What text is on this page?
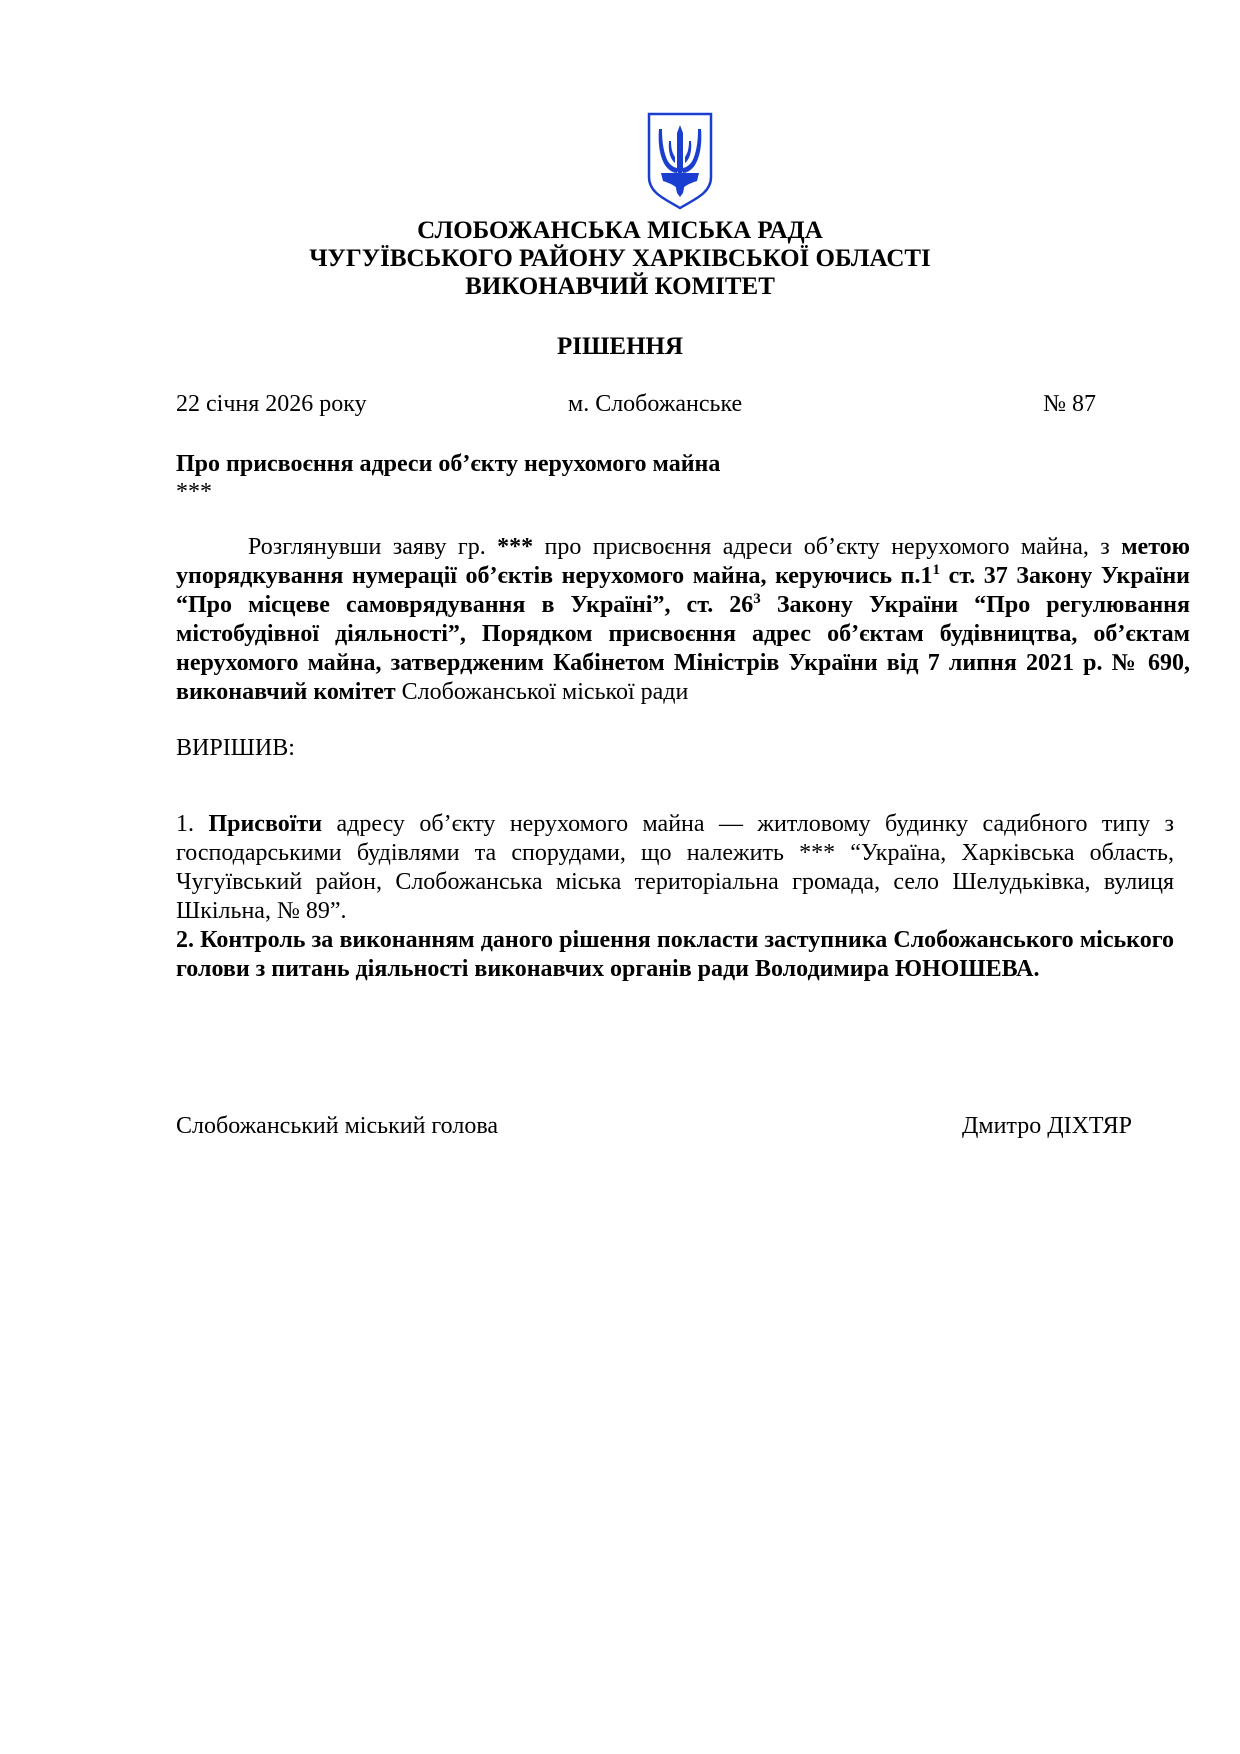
СЛОБОЖАНСЬКА МІСЬКА РАДА
ЧУГУЇВСЬКОГО РАЙОНУ ХАРКІВСЬКОЇ ОБЛАСТІ
ВИКОНАВЧИЙ КОМІТЕТ
РІШЕННЯ
22 січня 2026 року	м. Слобожанське	№ 87
Про присвоєння адреси об’єкту нерухомого майна
***
Розглянувши заяву гр. *** про присвоєння адреси об’єкту нерухомого майна, з метою упорядкування нумерації об’єктів нерухомого майна, керуючись $п.1^1$ ст. 37 Закону України “Про місцеве самоврядування в Україні”, ст. $26^3$ Закону України “Про регулювання містобудівної діяльності”, Порядком присвоєння адрес об’єктам будівництва, об’єктам нерухомого майна, затвердженим Кабінетом Міністрів України від 7 липня 2021 р. № 690, виконавчий комітет Слобожанської міської ради
ВИРІШИВ:

1. Присвоїти адресу об’єкту нерухомого майна — житловому будинку садибного типу з господарськими будівлями та спорудами, що належить *** “Україна, Харківська область, Чугуївський район, Слобожанська міська територіальна громада, село Шелудьківка, вулиця Шкільна, № 89”.

2. Контроль за виконанням даного рішення покласти заступника Слобожанського міського голови з питань діяльності виконавчих органів ради Володимира ЮНОШЕВА.

Слобожанський міський голова	Дмитро ДІХТЯР
